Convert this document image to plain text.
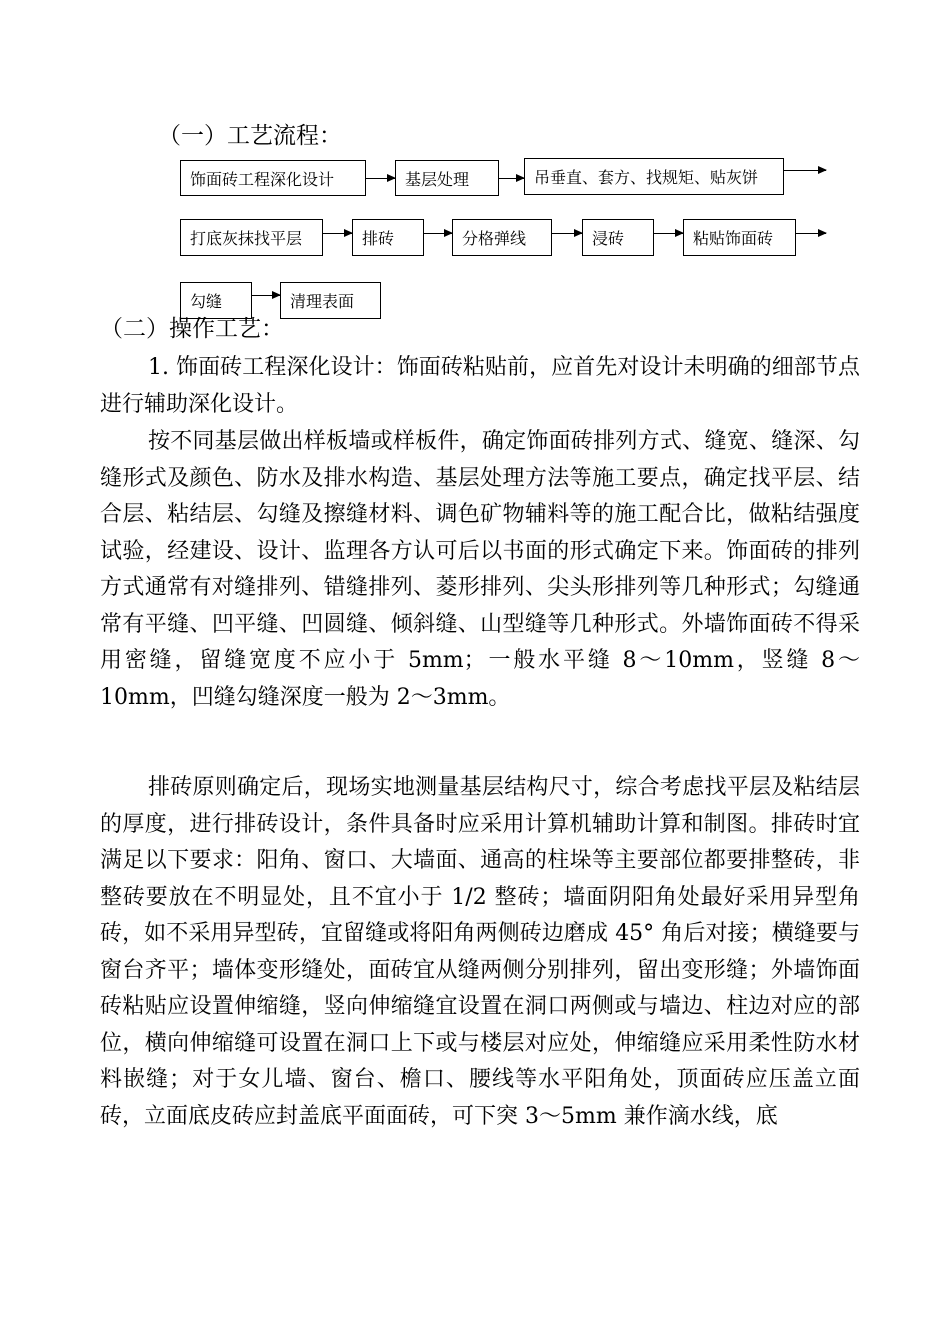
（一）工艺流程：
饰面砖工程深化设计	基层处理	吊垂直、套方、找规矩、贴灰饼
打底灰抹找平层	排砖	分格弹线	浸砖	粘贴饰面砖
勾缝	清理表面
（二）操作工艺：

1. 饰面砖工程深化设计：饰面砖粘贴前，应首先对设计未明确的细部节点进行辅助深化设计。

按不同基层做出样板墙或样板件，确定饰面砖排列方式、缝宽、缝深、勾缝形式及颜色、防水及排水构造、基层处理方法等施工要点，确定找平层、结合层、粘结层、勾缝及擦缝材料、调色矿物辅料等的施工配合比，做粘结强度试验，经建设、设计、监理各方认可后以书面的形式确定下来。饰面砖的排列方式通常有对缝排列、错缝排列、菱形排列、尖头形排列等几种形式；勾缝通常有平缝、凹平缝、凹圆缝、倾斜缝、山型缝等几种形式。外墙饰面砖不得采用密缝，留缝宽度不应小于 5mm；一般水平缝 8～10mm，竖缝 8～10mm，凹缝勾缝深度一般为 2～3mm。

排砖原则确定后，现场实地测量基层结构尺寸，综合考虑找平层及粘结层的厚度，进行排砖设计，条件具备时应采用计算机辅助计算和制图。排砖时宜满足以下要求：阳角、窗口、大墙面、通高的柱垛等主要部位都要排整砖，非整砖要放在不明显处，且不宜小于 1/2 整砖；墙面阴阳角处最好采用异型角砖，如不采用异型砖，宜留缝或将阳角两侧砖边磨成 45° 角后对接；横缝要与窗台齐平；墙体变形缝处，面砖宜从缝两侧分别排列，留出变形缝；外墙饰面砖粘贴应设置伸缩缝，竖向伸缩缝宜设置在洞口两侧或与墙边、柱边对应的部位，横向伸缩缝可设置在洞口上下或与楼层对应处，伸缩缝应采用柔性防水材料嵌缝；对于女儿墙、窗台、檐口、腰线等水平阳角处，顶面砖应压盖立面砖，立面底皮砖应封盖底平面面砖，可下突 3～5mm 兼作滴水线，底
